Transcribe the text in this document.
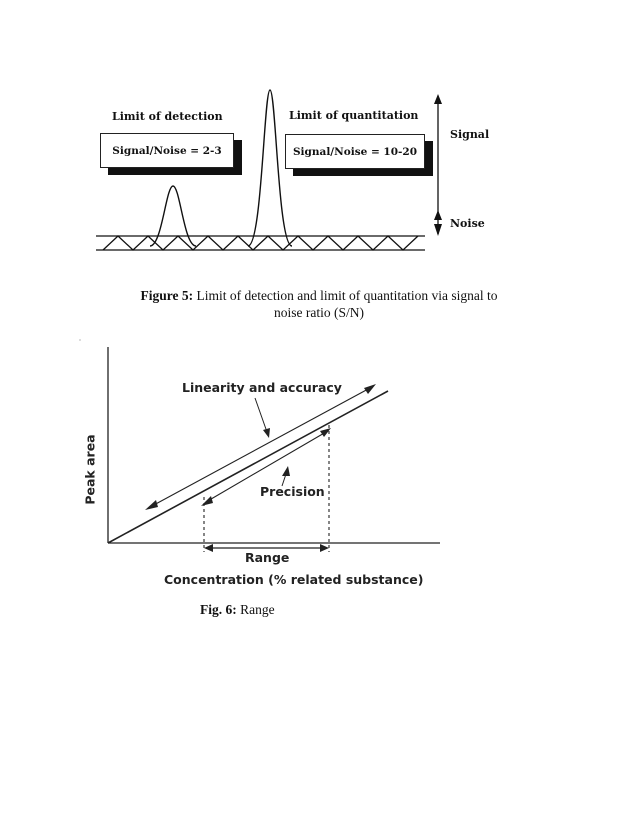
Limit of detection	Limit of quantitation
Signal/Noise = 2-3	Signal/Noise = 10-20
Signal
Noise
Figure 5: Limit of detection and limit of quantitation via signal to
noise ratio (S/N)
Peak area
Linearity and accuracy
Precision
Range
Concentration (% related substance)
Fig. 6: Range
